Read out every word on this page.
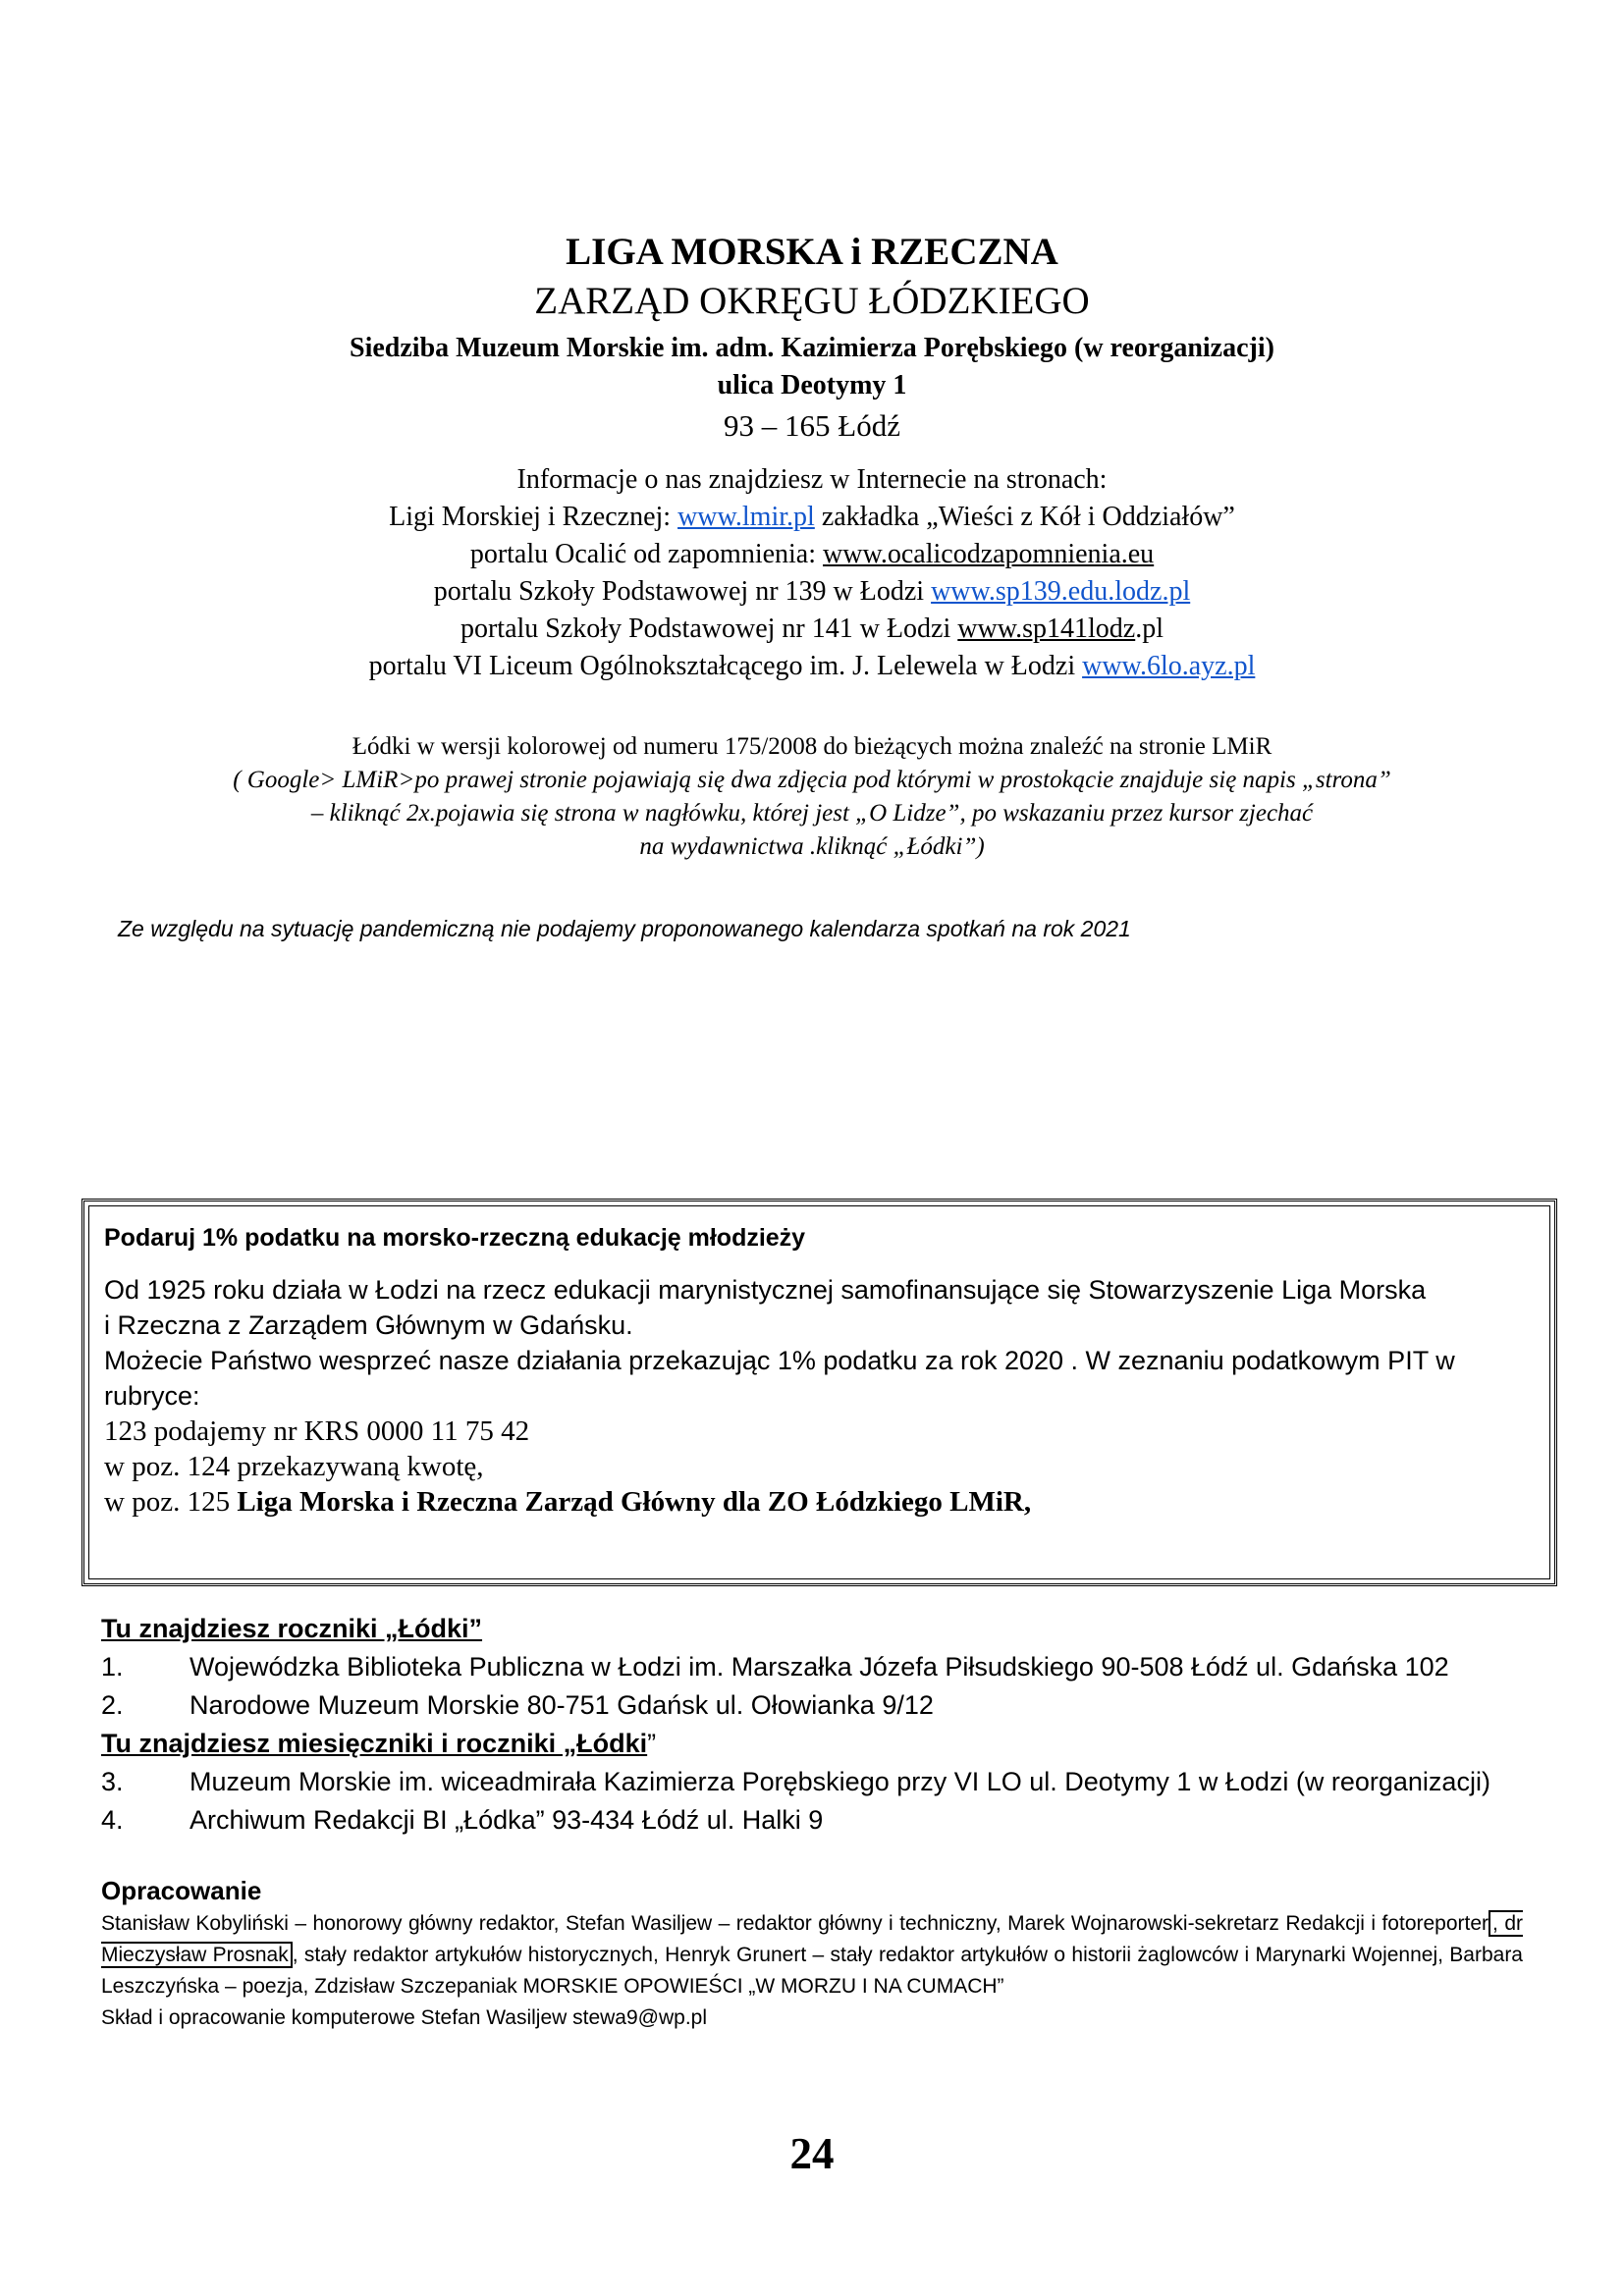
LIGA MORSKA i RZECZNA
ZARZĄD OKRĘGU ŁÓDZKIEGO
Siedziba Muzeum Morskie im. adm. Kazimierza Porębskiego (w reorganizacji)
ulica Deotymy 1
93 – 165 Łódź
Informacje o nas znajdziesz w Internecie na stronach:
Ligi Morskiej i Rzecznej: www.lmir.pl zakładka „Wieści z Kół i Oddziałów”
portalu Ocalić od zapomnienia: www.ocalicodzapomnienia.eu
portalu Szkoły Podstawowej nr 139 w Łodzi www.sp139.edu.lodz.pl
portalu Szkoły Podstawowej nr 141 w Łodzi www.sp141lodz.pl
portalu VI Liceum Ogólnokształcącego im. J. Lelewela w Łodzi www.6lo.ayz.pl
Łódki w wersji kolorowej od numeru 175/2008 do bieżących można znaleźć na stronie LMiR
( Google> LMiR>po prawej stronie pojawiają się dwa zdjęcia pod którymi w prostokącie znajduje się napis „strona”
– kliknąć 2x.pojawia się strona w nagłówku, której jest „O Lidze”, po wskazaniu przez kursor zjechać
na wydawnictwa .kliknąć „Łódki”)
Ze względu na sytuację pandemiczną nie podajemy proponowanego kalendarza spotkań na rok 2021
Podaruj 1% podatku na morsko-rzeczną edukację młodzieży
Od 1925 roku działa w Łodzi na rzecz edukacji marynistycznej samofinansujące się Stowarzyszenie Liga Morska
i Rzeczna z Zarządem Głównym w Gdańsku.
Możecie Państwo wesprzeć nasze działania przekazując 1% podatku za rok 2020 . W zeznaniu podatkowym PIT w
rubryce:
123 podajemy nr KRS 0000 11 75 42
w poz. 124 przekazywaną kwotę,
w poz. 125 Liga Morska i Rzeczna Zarząd Główny dla ZO Łódzkiego LMiR,
Tu znajdziesz roczniki „Łódki”
1. Wojewódzka Biblioteka Publiczna w Łodzi im. Marszałka Józefa Piłsudskiego 90-508 Łódź ul. Gdańska 102
2. Narodowe Muzeum Morskie 80-751 Gdańsk ul. Ołowianka 9/12
Tu znajdziesz miesięczniki i roczniki „Łódki”
3. Muzeum Morskie im. wiceadmirała Kazimierza Porębskiego przy VI LO ul. Deotymy 1 w Łodzi (w reorganizacji)
4. Archiwum Redakcji BI „Łódka” 93-434 Łódź ul. Halki 9
Opracowanie
Stanisław Kobyliński – honorowy główny redaktor, Stefan Wasiljew – redaktor główny i techniczny, Marek Wojnarowski-sekretarz Redakcji i fotoreporter , dr Mieczysław Prosnak , stały redaktor artykułów historycznych, Henryk Grunert – stały redaktor artykułów o historii żaglowców i Marynarki Wojennej, Barbara Leszczyńska – poezja, Zdzisław Szczepaniak MORSKIE OPOWIEŚCI „W MORZU I NA CUMACH”
Skład i opracowanie komputerowe Stefan Wasiljew stewa9@wp.pl
24
